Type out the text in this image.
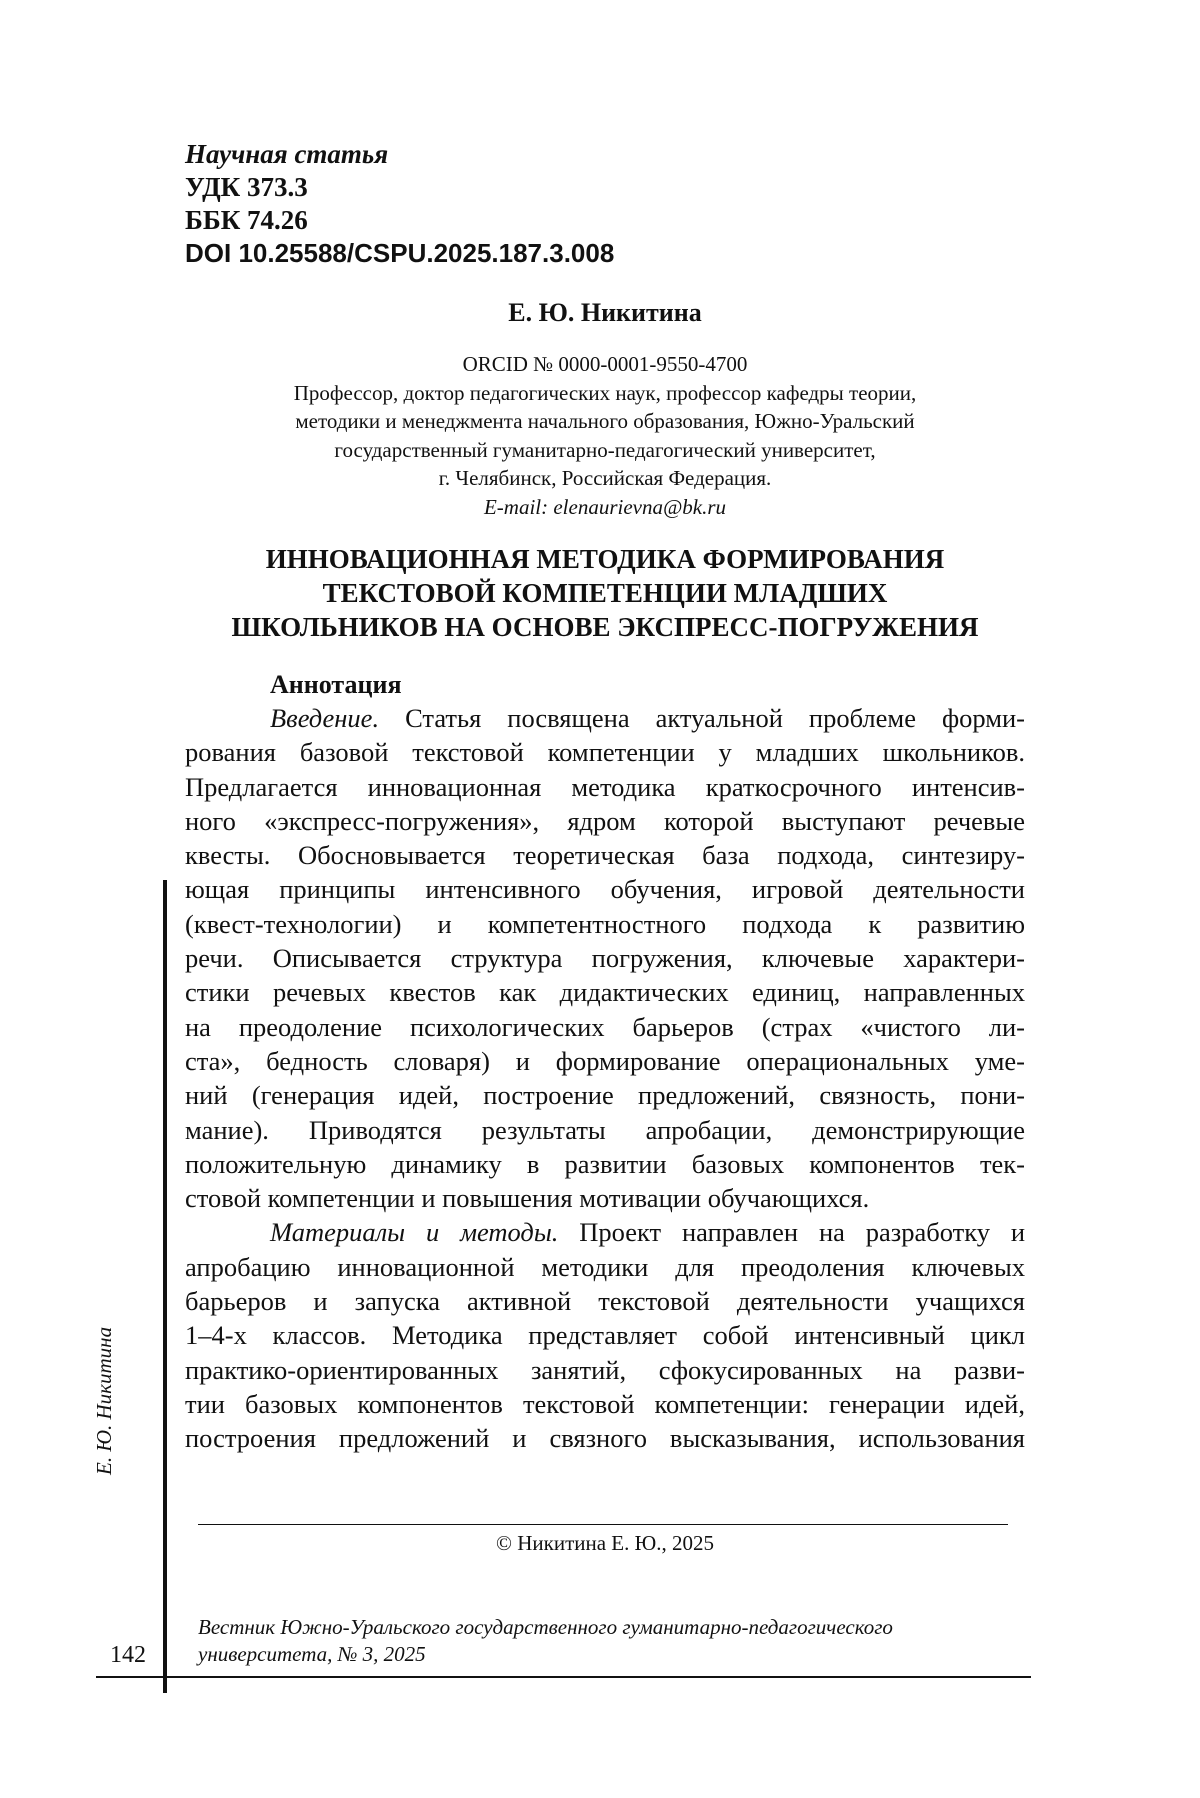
Научная статья
УДК 373.3
ББК 74.26
DOI 10.25588/CSPU.2025.187.3.008
Е. Ю. Никитина
ORCID № 0000-0001-9550-4700
Профессор, доктор педагогических наук, профессор кафедры теории,
методики и менеджмента начального образования, Южно-Уральский
государственный гуманитарно-педагогический университет,
г. Челябинск, Российская Федерация.
E-mail: elenaurievna@bk.ru
ИННОВАЦИОННАЯ МЕТОДИКА ФОРМИРОВАНИЯ
ТЕКСТОВОЙ КОМПЕТЕНЦИИ МЛАДШИХ
ШКОЛЬНИКОВ НА ОСНОВЕ ЭКСПРЕСС-ПОГРУЖЕНИЯ
Аннотация
Введение. Статья посвящена актуальной проблеме форми-
рования базовой текстовой компетенции у младших школьников.
Предлагается инновационная методика краткосрочного интенсив-
ного «экспресс-погружения», ядром которой выступают речевые
квесты. Обосновывается теоретическая база подхода, синтезиру-
ющая принципы интенсивного обучения, игровой деятельности
(квест-технологии) и компетентностного подхода к развитию
речи. Описывается структура погружения, ключевые характери-
стики речевых квестов как дидактических единиц, направленных
на преодоление психологических барьеров (страх «чистого ли-
ста», бедность словаря) и формирование операциональных уме-
ний (генерация идей, построение предложений, связность, пони-
мание). Приводятся результаты апробации, демонстрирующие
положительную динамику в развитии базовых компонентов тек-
стовой компетенции и повышения мотивации обучающихся.
Материалы и методы. Проект направлен на разработку и
апробацию инновационной методики для преодоления ключевых
барьеров и запуска активной текстовой деятельности учащихся
1–4-х классов. Методика представляет собой интенсивный цикл
практико-ориентированных занятий, сфокусированных на разви-
тии базовых компонентов текстовой компетенции: генерации идей,
построения предложений и связного высказывания, использования
Е. Ю. Никитина
© Никитина Е. Ю., 2025
Вестник Южно-Уральского государственного гуманитарно-педагогического
университета, № 3, 2025
142
